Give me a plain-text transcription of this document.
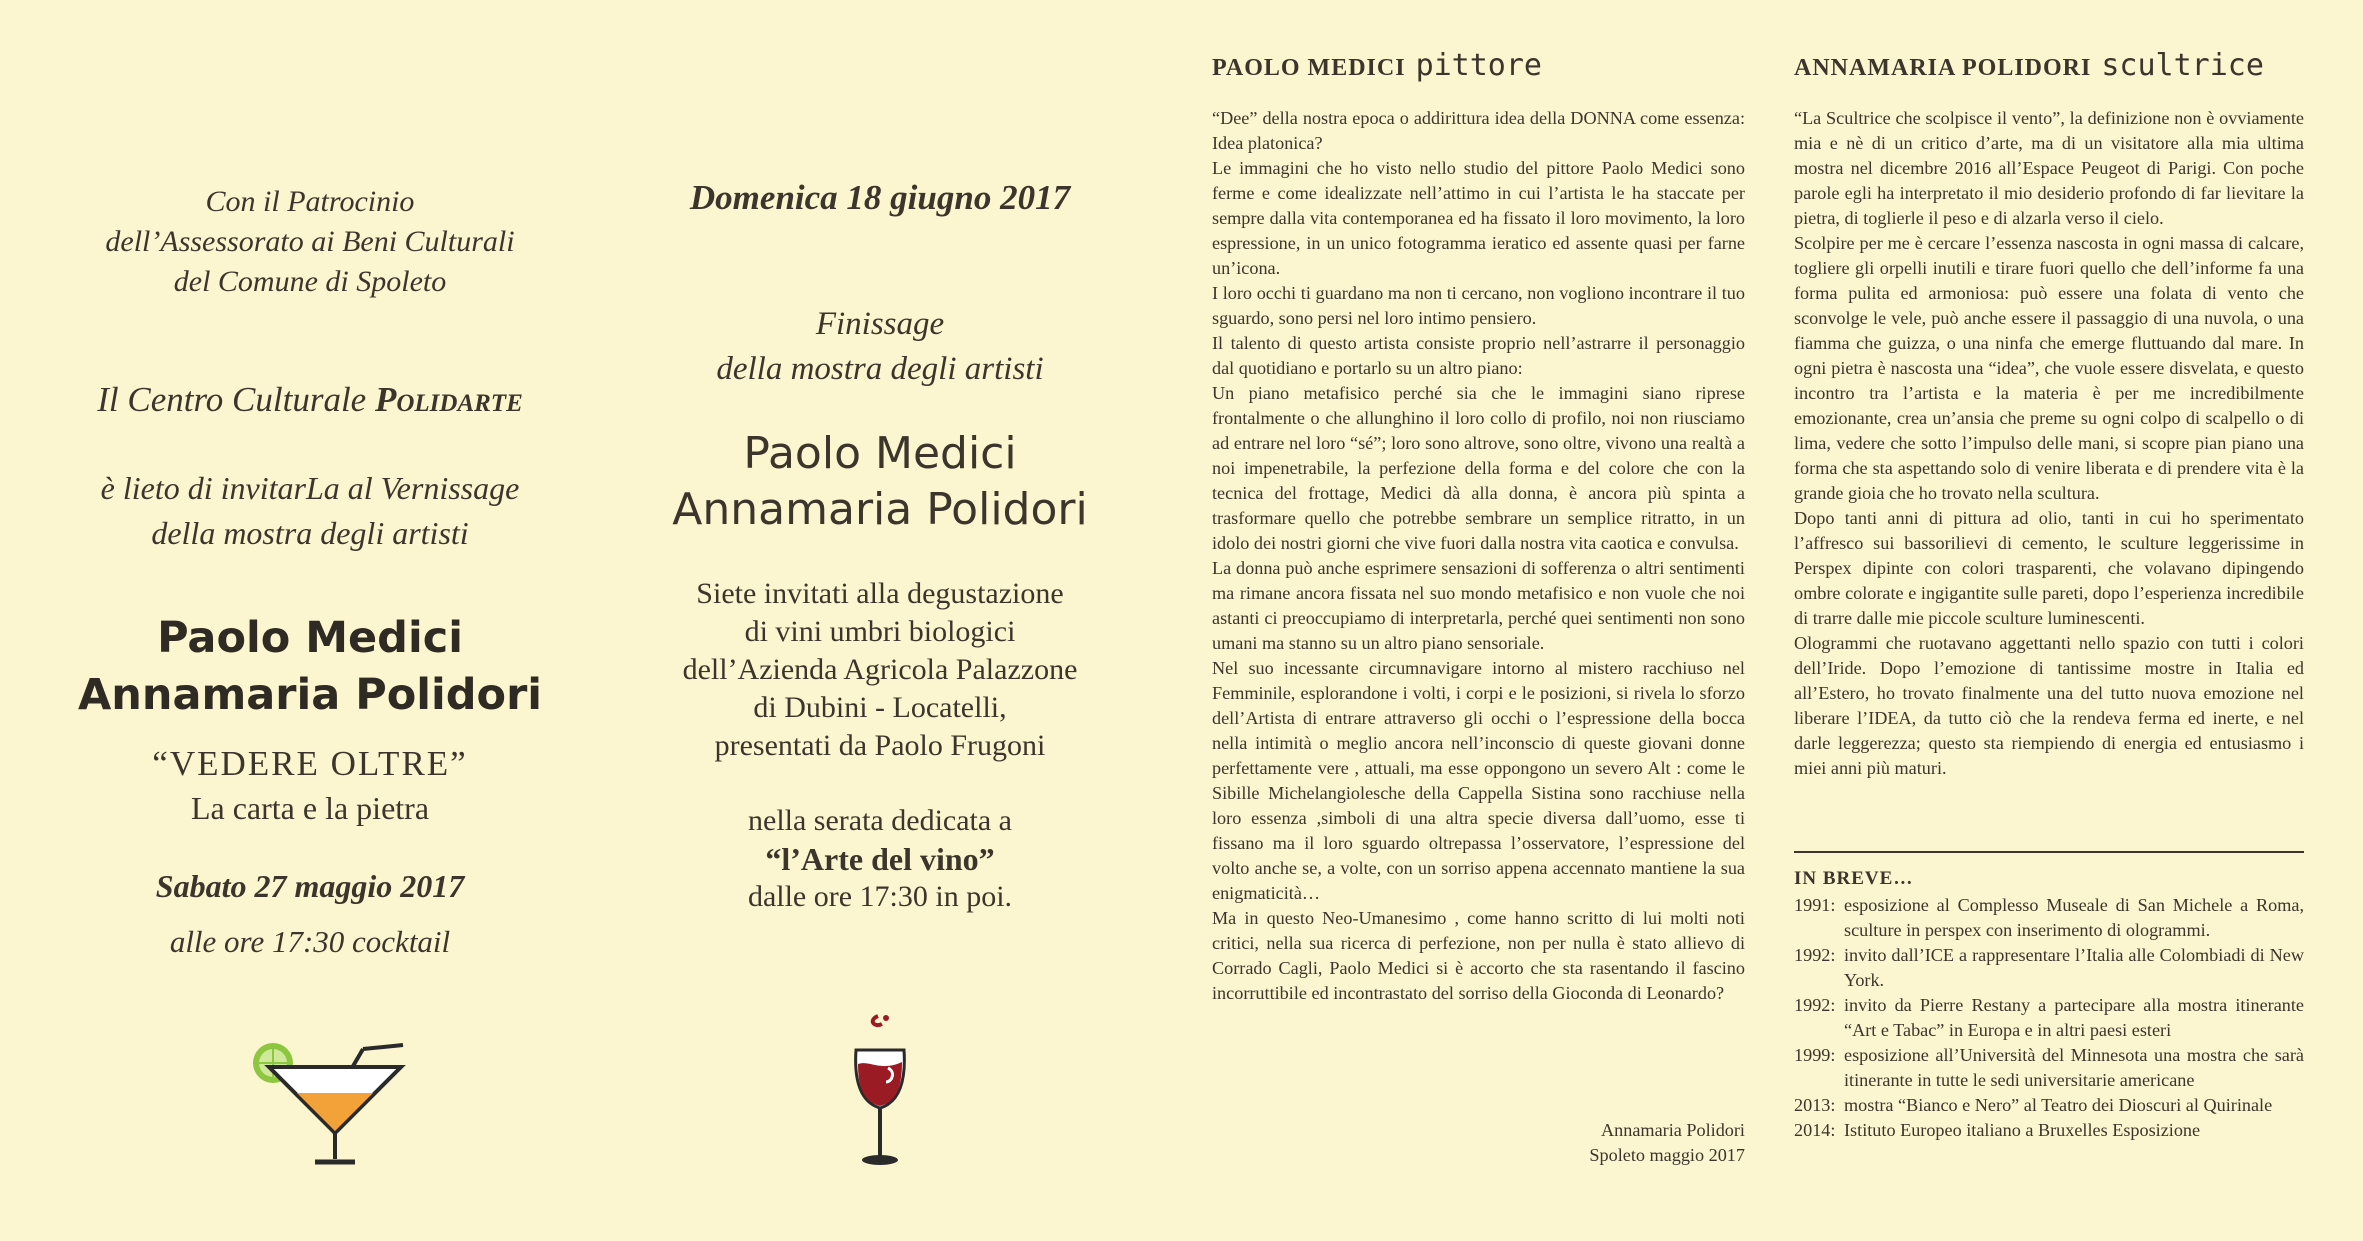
Con il Patrocinio
dell’Assessorato ai Beni Culturali
del Comune di Spoleto
Il Centro Culturale Polidarte
è lieto di invitarLa al Vernissage
della mostra degli artisti
Paolo Medici
Annamaria Polidori
“VEDERE OLTRE”
La carta e la pietra
Sabato 27 maggio 2017
alle ore 17:30 cocktail
Domenica 18 giugno 2017
Finissage
della mostra degli artisti
Paolo Medici
Annamaria Polidori
Siete invitati alla degustazione
di vini umbri biologici
dell’Azienda Agricola Palazzone
di Dubini - Locatelli,
presentati da Paolo Frugoni
nella serata dedicata a
“l’Arte del vino”
dalle ore 17:30 in poi.
PAOLO MEDICI pittore

“Dee” della nostra epoca o addirittura idea della DONNA come essenza: Idea platonica?

Le immagini che ho visto nello studio del pittore Paolo Medici sono ferme e come idealizzate nell’attimo in cui l’artista le ha staccate per sempre dalla vita contemporanea ed ha fissato il loro movimento, la loro espressione, in un unico fotogramma ieratico ed assente quasi per farne un’icona.

I loro occhi ti guardano ma non ti cercano, non vogliono incontrare il tuo sguardo, sono persi nel loro intimo pensiero.

Il talento di questo artista consiste proprio nell’astrarre il personaggio dal quotidiano e portarlo su un altro piano:

Un piano metafisico perché sia che le immagini siano riprese frontalmente o che allunghino il loro collo di profilo, noi non riusciamo ad entrare nel loro “sé”; loro sono altrove, sono oltre, vivono una realtà a noi impenetrabile, la perfezione della forma e del colore che con la tecnica del frottage, Medici dà alla donna, è ancora più spinta a trasformare quello che potrebbe sembrare un semplice ritratto, in un idolo dei nostri giorni che vive fuori dalla nostra vita caotica e convulsa.

La donna può anche esprimere sensazioni di sofferenza o altri sentimenti ma rimane ancora fissata nel suo mondo metafisico e non vuole che noi astanti ci preoccupiamo di interpretarla, perché quei sentimenti non sono umani ma stanno su un altro piano sensoriale.

Nel suo incessante circumnavigare intorno al mistero racchiuso nel Femminile, esplorandone i volti, i corpi e le posizioni, si rivela lo sforzo dell’Artista di entrare attraverso gli occhi o l’espressione della bocca nella intimità o meglio ancora nell’inconscio di queste giovani donne perfettamente vere , attuali, ma esse oppongono un severo Alt : come le Sibille Michelangiolesche della Cappella Sistina sono racchiuse nella loro essenza ,simboli di una altra specie diversa dall’uomo, esse ti fissano ma il loro sguardo oltrepassa l’osservatore, l’espressione del volto anche se, a volte, con un sorriso appena accennato mantiene la sua enigmaticità…

Ma in questo Neo-Umanesimo , come hanno scritto di lui molti noti critici, nella sua ricerca di perfezione, non per nulla è stato allievo di Corrado Cagli, Paolo Medici si è accorto che sta rasentando il fascino incorruttibile ed incontrastato del sorriso della Gioconda di Leonardo?

Annamaria Polidori
Spoleto maggio 2017
ANNAMARIA POLIDORI scultrice

“La Scultrice che scolpisce il vento”, la definizione non è ovviamente mia e nè di un critico d’arte, ma di un visitatore alla mia ultima mostra nel dicembre 2016 all’Espace Peugeot di Parigi. Con poche parole egli ha interpretato il mio desiderio profondo di far lievitare la pietra, di toglierle il peso e di alzarla verso il cielo.

Scolpire per me è cercare l’essenza nascosta in ogni massa di calcare, togliere gli orpelli inutili e tirare fuori quello che dell’informe fa una forma pulita ed armoniosa: può essere una folata di vento che sconvolge le vele, può anche essere il passaggio di una nuvola, o una fiamma che guizza, o una ninfa che emerge fluttuando dal mare. In ogni pietra è nascosta una “idea”, che vuole essere disvelata, e questo incontro tra l’artista e la materia è per me incredibilmente emozionante, crea un’ansia che preme su ogni colpo di scalpello o di lima, vedere che sotto l’impulso delle mani, si scopre pian piano una forma che sta aspettando solo di venire liberata e di prendere vita è la grande gioia che ho trovato nella scultura.

Dopo tanti anni di pittura ad olio, tanti in cui ho sperimentato l’affresco sui bassorilievi di cemento, le sculture leggerissime in Perspex dipinte con colori trasparenti, che volavano dipingendo ombre colorate e ingigantite sulle pareti, dopo l’esperienza incredibile di trarre dalle mie piccole sculture luminescenti.

Ologrammi che ruotavano aggettanti nello spazio con tutti i colori dell’Iride. Dopo l’emozione di tantissime mostre in Italia ed all’Estero, ho trovato finalmente una del tutto nuova emozione nel liberare l’IDEA, da tutto ciò che la rendeva ferma ed inerte, e nel darle leggerezza; questo sta riempiendo di energia ed entusiasmo i miei anni più maturi.

IN BREVE…
1991: esposizione al Complesso Museale di San Michele a Roma, sculture in perspex con inserimento di ologrammi.
1992: invito dall’ICE a rappresentare l’Italia alle Colombiadi di New York.
1992: invito da Pierre Restany a partecipare alla mostra itinerante “Art e Tabac” in Europa e in altri paesi esteri
1999: esposizione all’Università del Minnesota una mostra che sarà itinerante in tutte le sedi universitarie americane
2013: mostra “Bianco e Nero” al Teatro dei Dioscuri al Quirinale
2014: Istituto Europeo italiano a Bruxelles Esposizione
